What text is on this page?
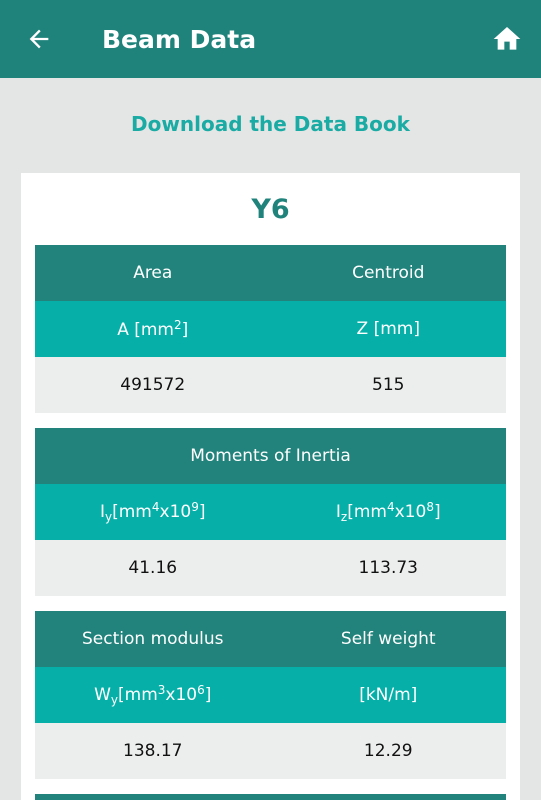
Beam Data
Download the Data Book
Y6
Area	Centroid
A $[mm^2]$	Z [mm]
491572	515
Moments of Inertia
$I_y[mm^4x10^9]$	$I_z[mm^4x10^8]$
41.16	113.73
Section modulus	Self weight
$W_y[mm^3x10^6]$	[kN/m]
138.17	12.29
